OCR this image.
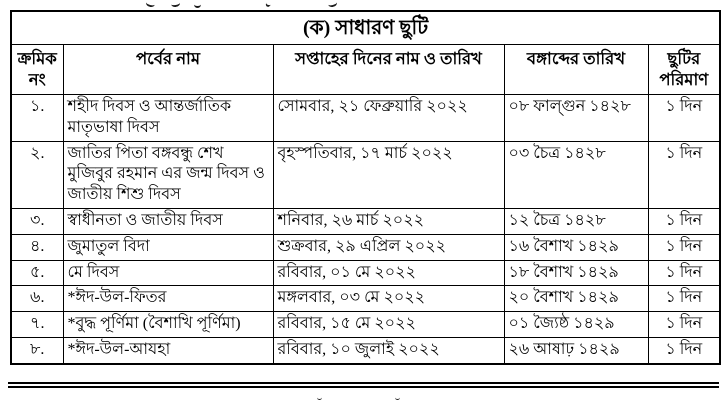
(ক) সাধারণ ছুটি				
ক্রমিক নং	পর্বের নাম	সপ্তাহের দিনের নাম ও তারিখ	বঙ্গাব্দের তারিখ	ছুটির পরিমাণ
১.	শহীদ দিবস ও আন্তর্জাতিক মাতৃভাষা দিবস	সোমবার, ২১ ফেব্রুয়ারি ২০২২	০৮ ফাল্গুন ১৪২৮	১ দিন
২.	জাতির পিতা বঙ্গবন্ধু শেখ মুজিবুর রহমান এর জন্ম দিবস ও জাতীয় শিশু দিবস	বৃহস্পতিবার, ১৭ মার্চ ২০২২	০৩ চৈত্র ১৪২৮	১ দিন
৩.	স্বাধীনতা ও জাতীয় দিবস	শনিবার, ২৬ মার্চ ২০২২	১২ চৈত্র ১৪২৮	১ দিন
৪.	জুমাতুল বিদা	শুক্রবার, ২৯ এপ্রিল ২০২২	১৬ বৈশাখ ১৪২৯	১ দিন
৫.	মে দিবস	রবিবার, ০১ মে ২০২২	১৮ বৈশাখ ১৪২৯	১ দিন
৬.	*ঈদ-উল-ফিতর	মঙ্গলবার, ০৩ মে ২০২২	২০ বৈশাখ ১৪২৯	১ দিন
৭.	*বুদ্ধ পূর্ণিমা (বৈশাখি পূর্ণিমা)	রবিবার, ১৫ মে ২০২২	০১ জ্যৈষ্ঠ ১৪২৯	১ দিন
৮.	*ঈদ-উল-আযহা	রবিবার, ১০ জুলাই ২০২২	২৬ আষাঢ় ১৪২৯	১ দিন
